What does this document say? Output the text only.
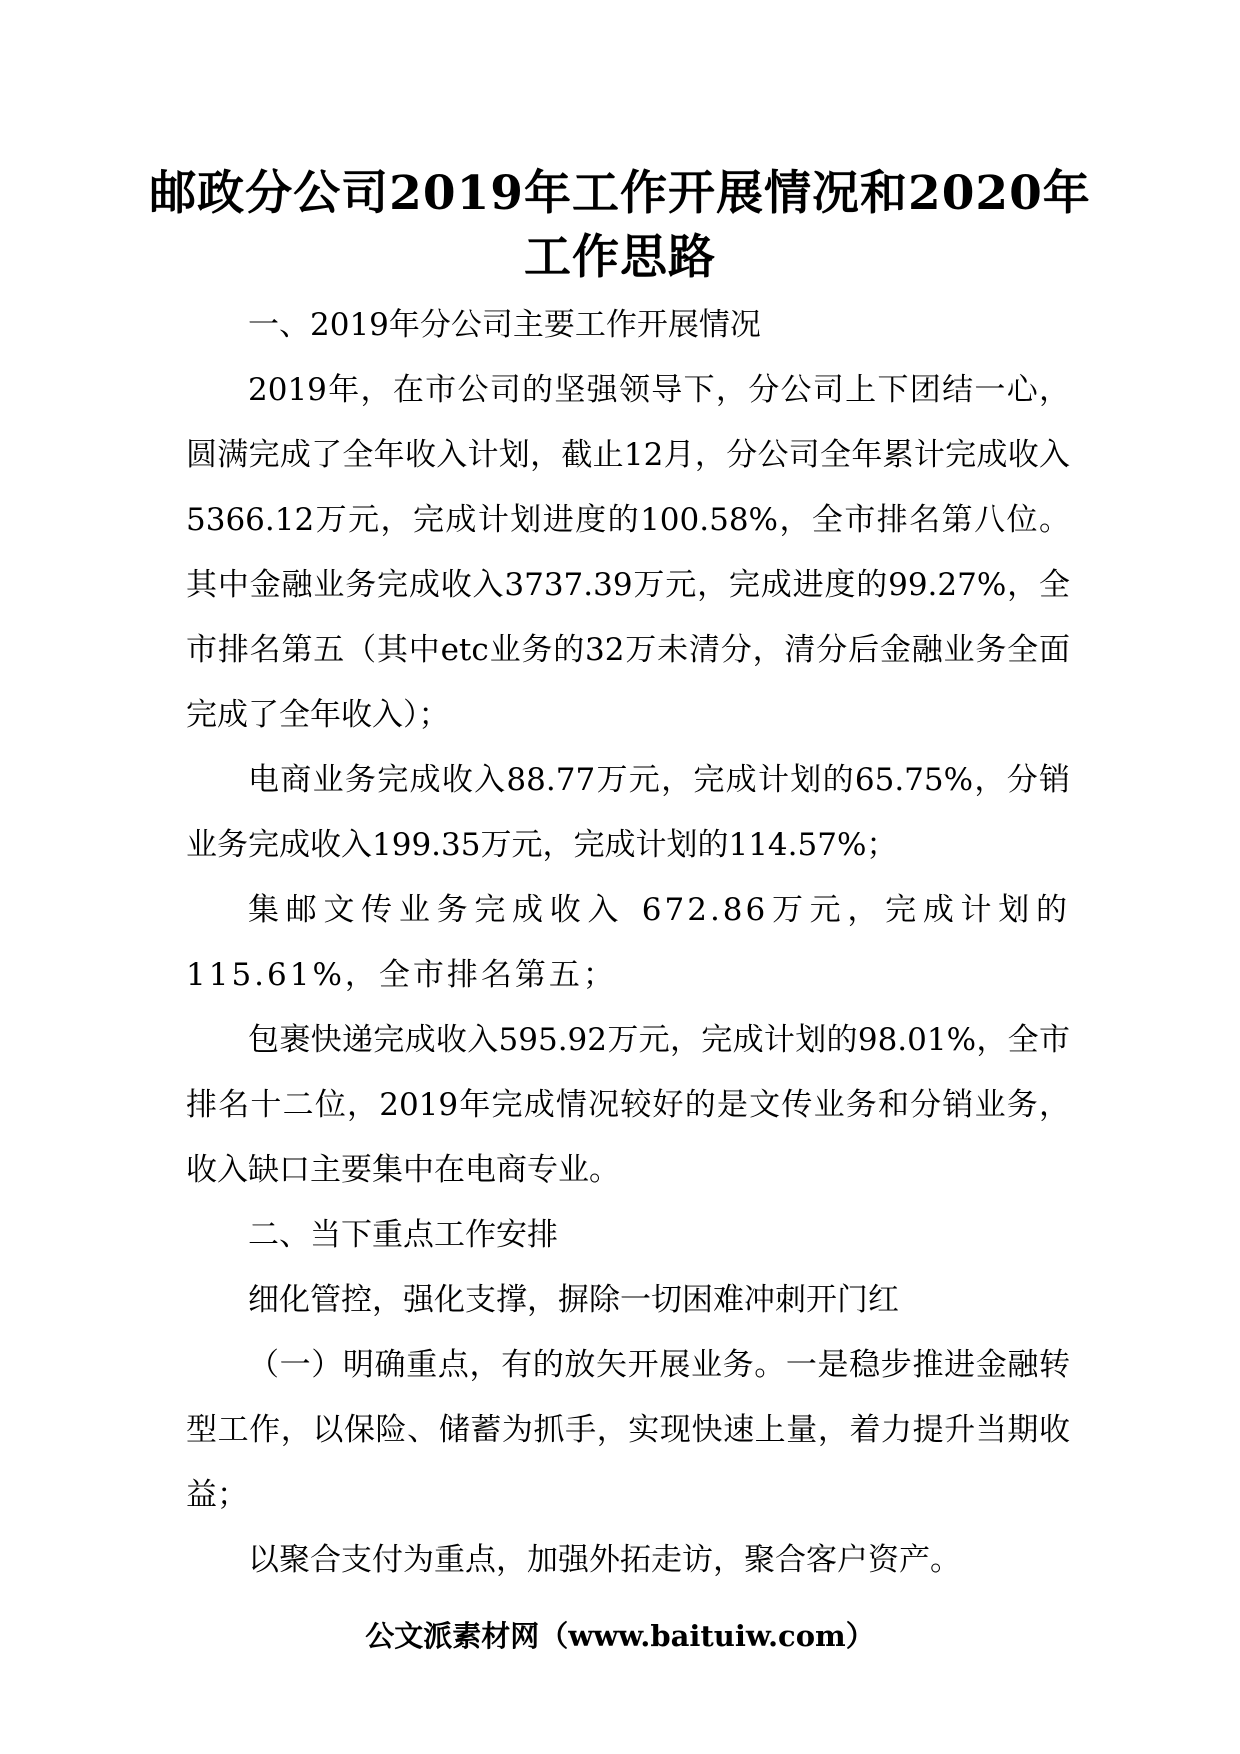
邮政分公司2019年工作开展情况和2020年
工作思路

一、2019年分公司主要工作开展情况

2019年，在市公司的坚强领导下，分公司上下团结一心，圆满完成了全年收入计划，截止12月，分公司全年累计完成收入5366.12万元，完成计划进度的100.58%，全市排名第八位。其中金融业务完成收入3737.39万元，完成进度的99.27%，全市排名第五（其中etc业务的32万未清分，清分后金融业务全面完成了全年收入）；

电商业务完成收入88.77万元，完成计划的65.75%，分销业务完成收入199.35万元，完成计划的114.57%；

集邮文传业务完成收入 672.86万元，完成计划的115.61%，全市排名第五；

包裹快递完成收入595.92万元，完成计划的98.01%，全市排名十二位，2019年完成情况较好的是文传业务和分销业务，收入缺口主要集中在电商专业。

二、当下重点工作安排

细化管控，强化支撑，摒除一切困难冲刺开门红

（一）明确重点，有的放矢开展业务。一是稳步推进金融转型工作，以保险、储蓄为抓手，实现快速上量，着力提升当期收益；

以聚合支付为重点，加强外拓走访，聚合客户资产。

公文派素材网（www.baituiw.com）
